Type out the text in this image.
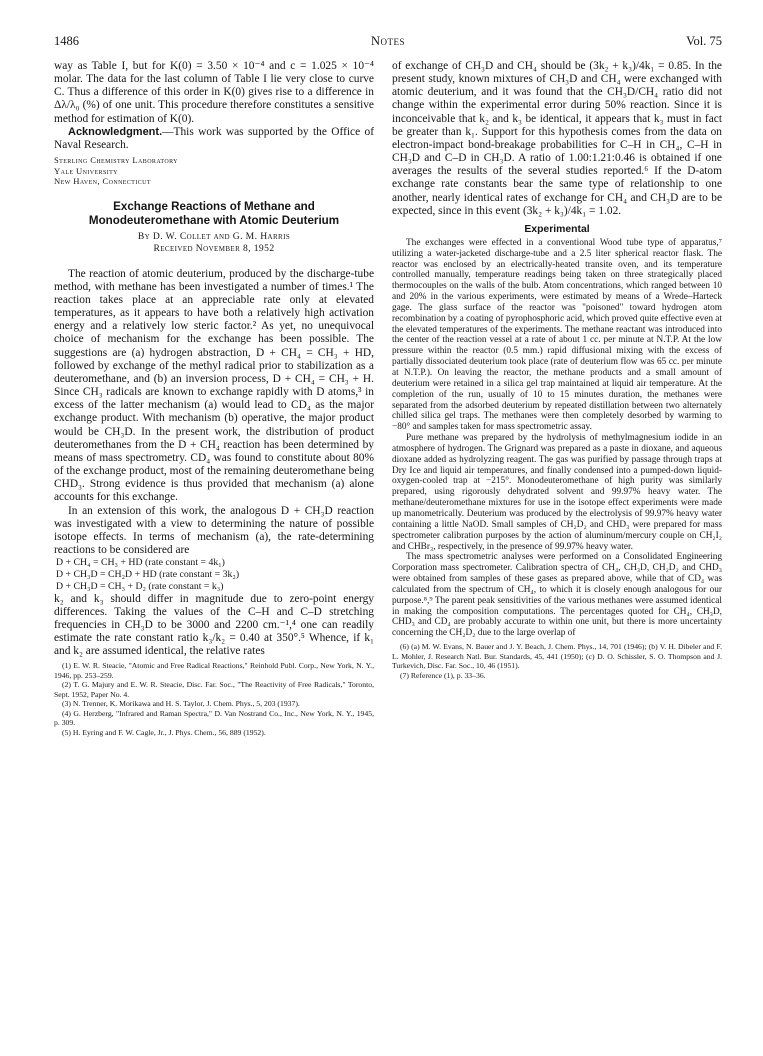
1486	Notes	Vol. 75

way as Table I, but for K(0) = 3.50 × 10⁻⁴ and c = 1.025 × 10⁻⁴ molar. The data for the last column of Table I lie very close to curve C. Thus a difference of this order in K(0) gives rise to a difference in Δλ/λ₀ (%) of one unit. This procedure therefore constitutes a sensitive method for estimation of K(0).

Acknowledgment.—This work was supported by the Office of Naval Research.

Sterling Chemistry Laboratory
Yale University
New Haven, Connecticut
Exchange Reactions of Methane and Monodeuteromethane with Atomic Deuterium
By D. W. Collet and G. M. Harris
Received November 8, 1952

The reaction of atomic deuterium, produced by the discharge-tube method, with methane has been investigated a number of times.¹ The reaction takes place at an appreciable rate only at elevated temperatures, as it appears to have both a relatively high activation energy and a relatively low steric factor.² As yet, no unequivocal choice of mechanism for the exchange has been possible. The suggestions are (a) hydrogen abstraction, D + CH₄ = CH₃ + HD, followed by exchange of the methyl radical prior to stabilization as a deuteromethane, and (b) an inversion process, D + CH₄ = CH₃ + H. Since CH₃ radicals are known to exchange rapidly with D atoms,³ in excess of the latter mechanism (a) would lead to CD₄ as the major exchange product. With mechanism (b) operative, the major product would be CH₃D. In the present work, the distribution of product deuteromethanes from the D + CH₄ reaction has been determined by means of mass spectrometry. CD₄ was found to constitute about 80% of the exchange product, most of the remaining deuteromethane being CHD₃. Strong evidence is thus provided that mechanism (a) alone accounts for this exchange.

In an extension of this work, the analogous D + CH₃D reaction was investigated with a view to determining the nature of possible isotope effects. In terms of mechanism (a), the rate-determining reactions to be considered are

D + CH₄ = CH₃ + HD (rate constant = 4k₁)
D + CH₃D = CH₂D + HD (rate constant = 3k₂)
D + CH₃D = CH₃ + D₂ (rate constant = k₃)

k₂ and k₃ should differ in magnitude due to zero-point energy differences. Taking the values of the C–H and C–D stretching frequencies in CH₃D to be 3000 and 2200 cm.⁻¹,⁴ one can readily estimate the rate constant ratio k₃/k₂ = 0.40 at 350°.⁵ Whence, if k₁ and k₂ are assumed identical, the relative rates

(1) E. W. R. Steacie, "Atomic and Free Radical Reactions," Reinhold Publ. Corp., New York, N. Y., 1946, pp. 253–259.

(2) T. G. Majury and E. W. R. Steacie, Disc. Far. Soc., "The Reactivity of Free Radicals," Toronto, Sept. 1952, Paper No. 4.

(3) N. Trenner, K. Morikawa and H. S. Taylor, J. Chem. Phys., 5, 203 (1937).

(4) G. Herzberg, "Infrared and Raman Spectra," D. Van Nostrand Co., Inc., New York, N. Y., 1945, p. 309.

(5) H. Eyring and F. W. Cagle, Jr., J. Phys. Chem., 56, 889 (1952).

of exchange of CH₃D and CH₄ should be (3k₂ + k₃)/4k₁ = 0.85. In the present study, known mixtures of CH₃D and CH₄ were exchanged with atomic deuterium, and it was found that the CH₃D/CH₄ ratio did not change within the experimental error during 50% reaction. Since it is inconceivable that k₂ and k₃ be identical, it appears that k₃ must in fact be greater than k₁. Support for this hypothesis comes from the data on electron-impact bond-breakage probabilities for C–H in CH₄, C–H in CH₃D and C–D in CH₃D. A ratio of 1.00:1.21:0.46 is obtained if one averages the results of the several studies reported.⁶ If the D-atom exchange rate constants bear the same type of relationship to one another, nearly identical rates of exchange for CH₄ and CH₃D are to be expected, since in this event (3k₂ + k₃)/4k₁ = 1.02.

Experimental

The exchanges were effected in a conventional Wood tube type of apparatus,⁷ utilizing a water-jacketed discharge-tube and a 2.5 liter spherical reactor flask. The reactor was enclosed by an electrically-heated transite oven, and its temperature controlled manually, temperature readings being taken on three strategically placed thermocouples on the walls of the bulb. Atom concentrations, which ranged between 10 and 20% in the various experiments, were estimated by means of a Wrede–Harteck gage. The glass surface of the reactor was "poisoned" toward hydrogen atom recombination by a coating of pyrophosphoric acid, which proved quite effective even at the elevated temperatures of the experiments. The methane reactant was introduced into the center of the reaction vessel at a rate of about 1 cc. per minute at N.T.P. At the low pressure within the reactor (0.5 mm.) rapid diffusional mixing with the excess of partially dissociated deuterium took place (rate of deuterium flow was 65 cc. per minute at N.T.P.). On leaving the reactor, the methane products and a small amount of deuterium were retained in a silica gel trap maintained at liquid air temperature. At the completion of the run, usually of 10 to 15 minutes duration, the methanes were separated from the adsorbed deuterium by repeated distillation between two alternately chilled silica gel traps. The methanes were then completely desorbed by warming to −80° and samples taken for mass spectrometric assay.

Pure methane was prepared by the hydrolysis of methylmagnesium iodide in an atmosphere of hydrogen. The Grignard was prepared as a paste in dioxane, and aqueous dioxane added as hydrolyzing reagent. The gas was purified by passage through traps at Dry Ice and liquid air temperatures, and finally condensed into a pumped-down liquid-oxygen-cooled trap at −215°. Monodeuteromethane of high purity was similarly prepared, using rigorously dehydrated solvent and 99.97% heavy water. The methane/deuteromethane mixtures for use in the isotope effect experiments were made up manometrically. Deuterium was produced by the electrolysis of 99.97% heavy water containing a little NaOD. Small samples of CH₂D₂ and CHD₃ were prepared for mass spectrometer calibration purposes by the action of aluminum/mercury couple on CH₂I₂ and CHBr₃, respectively, in the presence of 99.97% heavy water.

The mass spectrometric analyses were performed on a Consolidated Engineering Corporation mass spectrometer. Calibration spectra of CH₄, CH₃D, CH₂D₂ and CHD₃ were obtained from samples of these gases as prepared above, while that of CD₄ was calculated from the spectrum of CH₄, to which it is closely enough analogous for our purpose.⁸,⁹ The parent peak sensitivities of the various methanes were assumed identical in making the composition computations. The percentages quoted for CH₄, CH₃D, CHD₃ and CD₄ are probably accurate to within one unit, but there is more uncertainty concerning the CH₂D₂ due to the large overlap of

(6) (a) M. W. Evans, N. Bauer and J. Y. Beach, J. Chem. Phys., 14, 701 (1946); (b) V. H. Dibeler and F. L. Mohler, J. Research Natl. Bur. Standards, 45, 441 (1950); (c) D. O. Schissler, S. O. Thompson and J. Turkevich, Disc. Far. Soc., 10, 46 (1951).

(7) Reference (1), p. 33–36.
